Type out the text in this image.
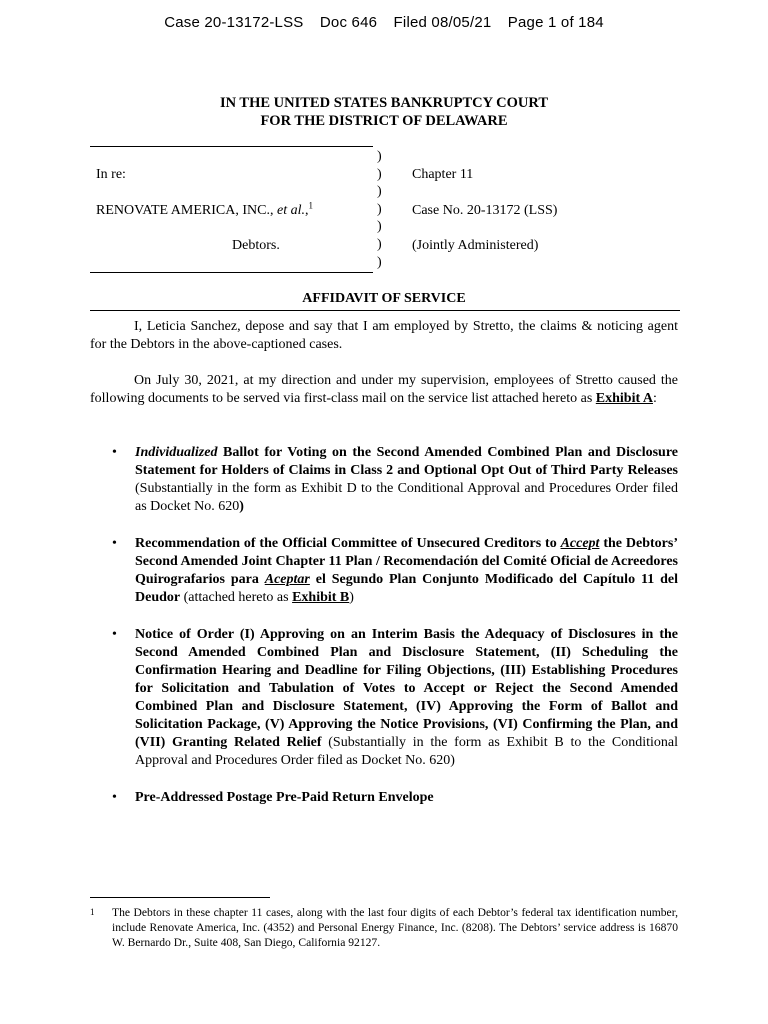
Case 20-13172-LSS Doc 646 Filed 08/05/21 Page 1 of 184
IN THE UNITED STATES BANKRUPTCY COURT
FOR THE DISTRICT OF DELAWARE
)
)
)
)
)
)
)
In re:
RENOVATE AMERICA, INC., et al.,$^1$
Debtors.
Chapter 11
Case No. 20-13172 (LSS)
(Jointly Administered)
AFFIDAVIT OF SERVICE
I, Leticia Sanchez, depose and say that I am employed by Stretto, the claims & noticing agent for the Debtors in the above-captioned cases.
On July 30, 2021, at my direction and under my supervision, employees of Stretto caused the following documents to be served via first-class mail on the service list attached hereto as Exhibit A:
• Individualized Ballot for Voting on the Second Amended Combined Plan and Disclosure Statement for Holders of Claims in Class 2 and Optional Opt Out of Third Party Releases (Substantially in the form as Exhibit D to the Conditional Approval and Procedures Order filed as Docket No. 620)
• Recommendation of the Official Committee of Unsecured Creditors to Accept the Debtors’ Second Amended Joint Chapter 11 Plan / Recomendación del Comité Oficial de Acreedores Quirografarios para Aceptar el Segundo Plan Conjunto Modificado del Capítulo 11 del Deudor (attached hereto as Exhibit B)
• Notice of Order (I) Approving on an Interim Basis the Adequacy of Disclosures in the Second Amended Combined Plan and Disclosure Statement, (II) Scheduling the Confirmation Hearing and Deadline for Filing Objections, (III) Establishing Procedures for Solicitation and Tabulation of Votes to Accept or Reject the Second Amended Combined Plan and Disclosure Statement, (IV) Approving the Form of Ballot and Solicitation Package, (V) Approving the Notice Provisions, (VI) Confirming the Plan, and (VII) Granting Related Relief (Substantially in the form as Exhibit B to the Conditional Approval and Procedures Order filed as Docket No. 620)
• Pre-Addressed Postage Pre-Paid Return Envelope
1 The Debtors in these chapter 11 cases, along with the last four digits of each Debtor’s federal tax identification number, include Renovate America, Inc. (4352) and Personal Energy Finance, Inc. (8208). The Debtors’ service address is 16870 W. Bernardo Dr., Suite 408, San Diego, California 92127.
